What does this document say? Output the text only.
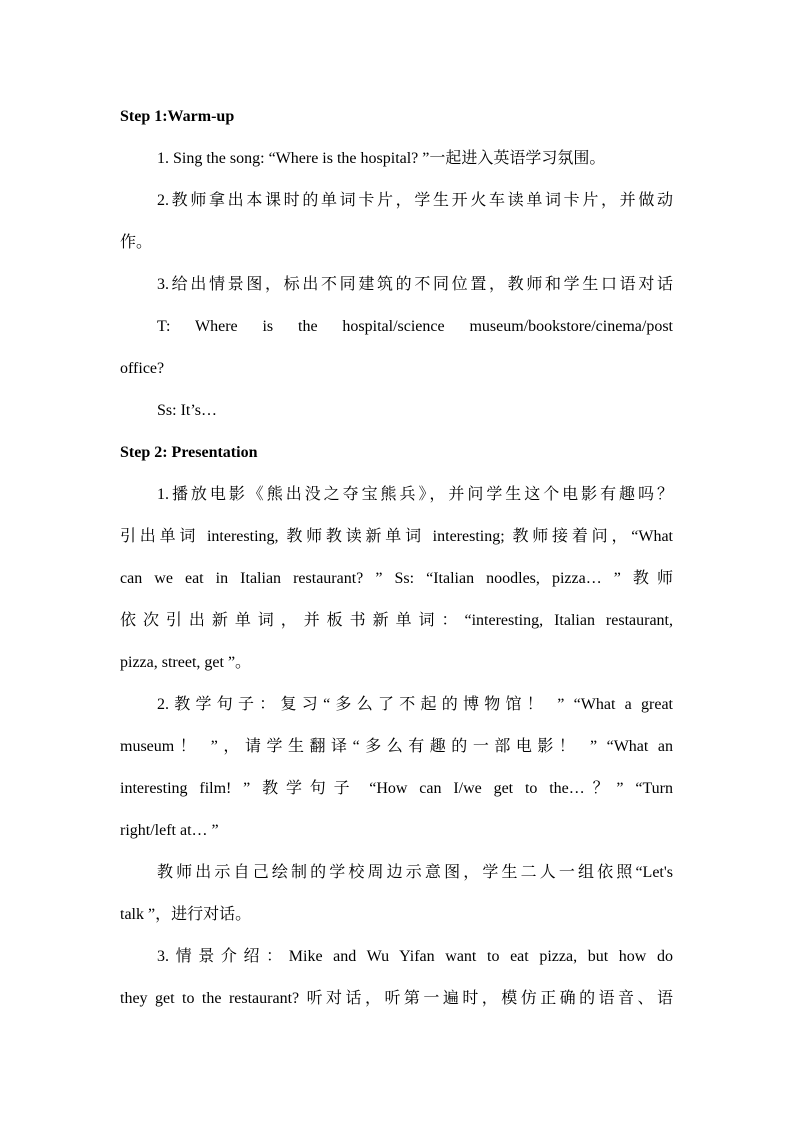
Step 1:Warm-up

1. Sing the song: “Where is the hospital? ”一起进入英语学习氛围。

2.教师拿出本课时的单词卡片，学生开火车读单词卡片，并做动

作。

3.给出情景图，标出不同建筑的不同位置，教师和学生口语对话

T: Where is the hospital/science museum/bookstore/cinema/post

office?

Ss: It’s…

Step 2: Presentation

1.播放电影《熊出没之夺宝熊兵》，并问学生这个电影有趣吗？

引出单词 interesting, 教师教读新单词 interesting; 教师接着问，“What

can we eat in Italian restaurant? ” Ss: “Italian noodles, pizza… ” 教师

依次引出新单词，并板书新单词：“interesting, Italian restaurant,

pizza, street, get ”。

2.教学句子：复习“多么了不起的博物馆！ ” “What a great

museum！ ”，请学生翻译“多么有趣的一部电影！ ” “What an

interesting film! ” 教学句子 “How can I/we get to the…？” “Turn

right/left at… ”

教师出示自己绘制的学校周边示意图，学生二人一组依照“Let's

talk ”，进行对话。

3.情景介绍：Mike and Wu Yifan want to eat pizza, but how do

they get to the restaurant? 听对话，听第一遍时，模仿正确的语音、语
